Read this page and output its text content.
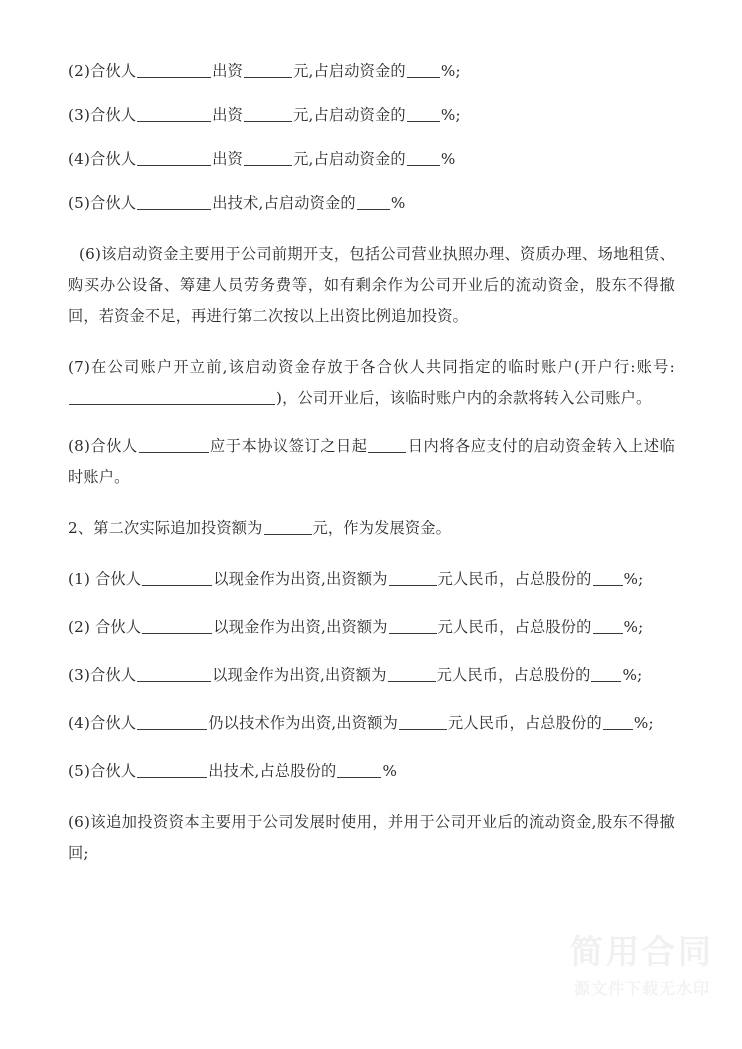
简用合同
源文件下载无水印

(2)合伙人	出资	元,占启动资金的 %;

(3)合伙人	出资	元,占启动资金的 %;

(4)合伙人	出资	元,占启动资金的 %

(5)合伙人	出技术,占启动资金的 %

(6)该启动资金主要用于公司前期开支，包括公司营业执照办理、资质办理、场地租赁、购买办公设备、筹建人员劳务费等，如有剩余作为公司开业后的流动资金，股东不得撤回，若资金不足，再进行第二次按以上出资比例追加投资。

(7)在公司账户开立前,该启动资金存放于各合伙人共同指定的临时账户(开户行:账号:)，公司开业后，该临时账户内的余款将转入公司账户。

(8)合伙人	应于本协议签订之日起	日内将各应支付的启动资金转入上述临时账户。

2、第二次实际追加投资额为	元，作为发展资金。

(1) 合伙人	以现金作为出资,出资额为	元人民币，占总股份的 %;

(2) 合伙人	以现金作为出资,出资额为	元人民币，占总股份的 %;

(3)合伙人	以现金作为出资,出资额为	元人民币，占总股份的 %;

(4)合伙人	仍以技术作为出资,出资额为	元人民币，占总股份的 %;

(5)合伙人	出技术,占总股份的	%

(6)该追加投资资本主要用于公司发展时使用，并用于公司开业后的流动资金,股东不得撤回;
